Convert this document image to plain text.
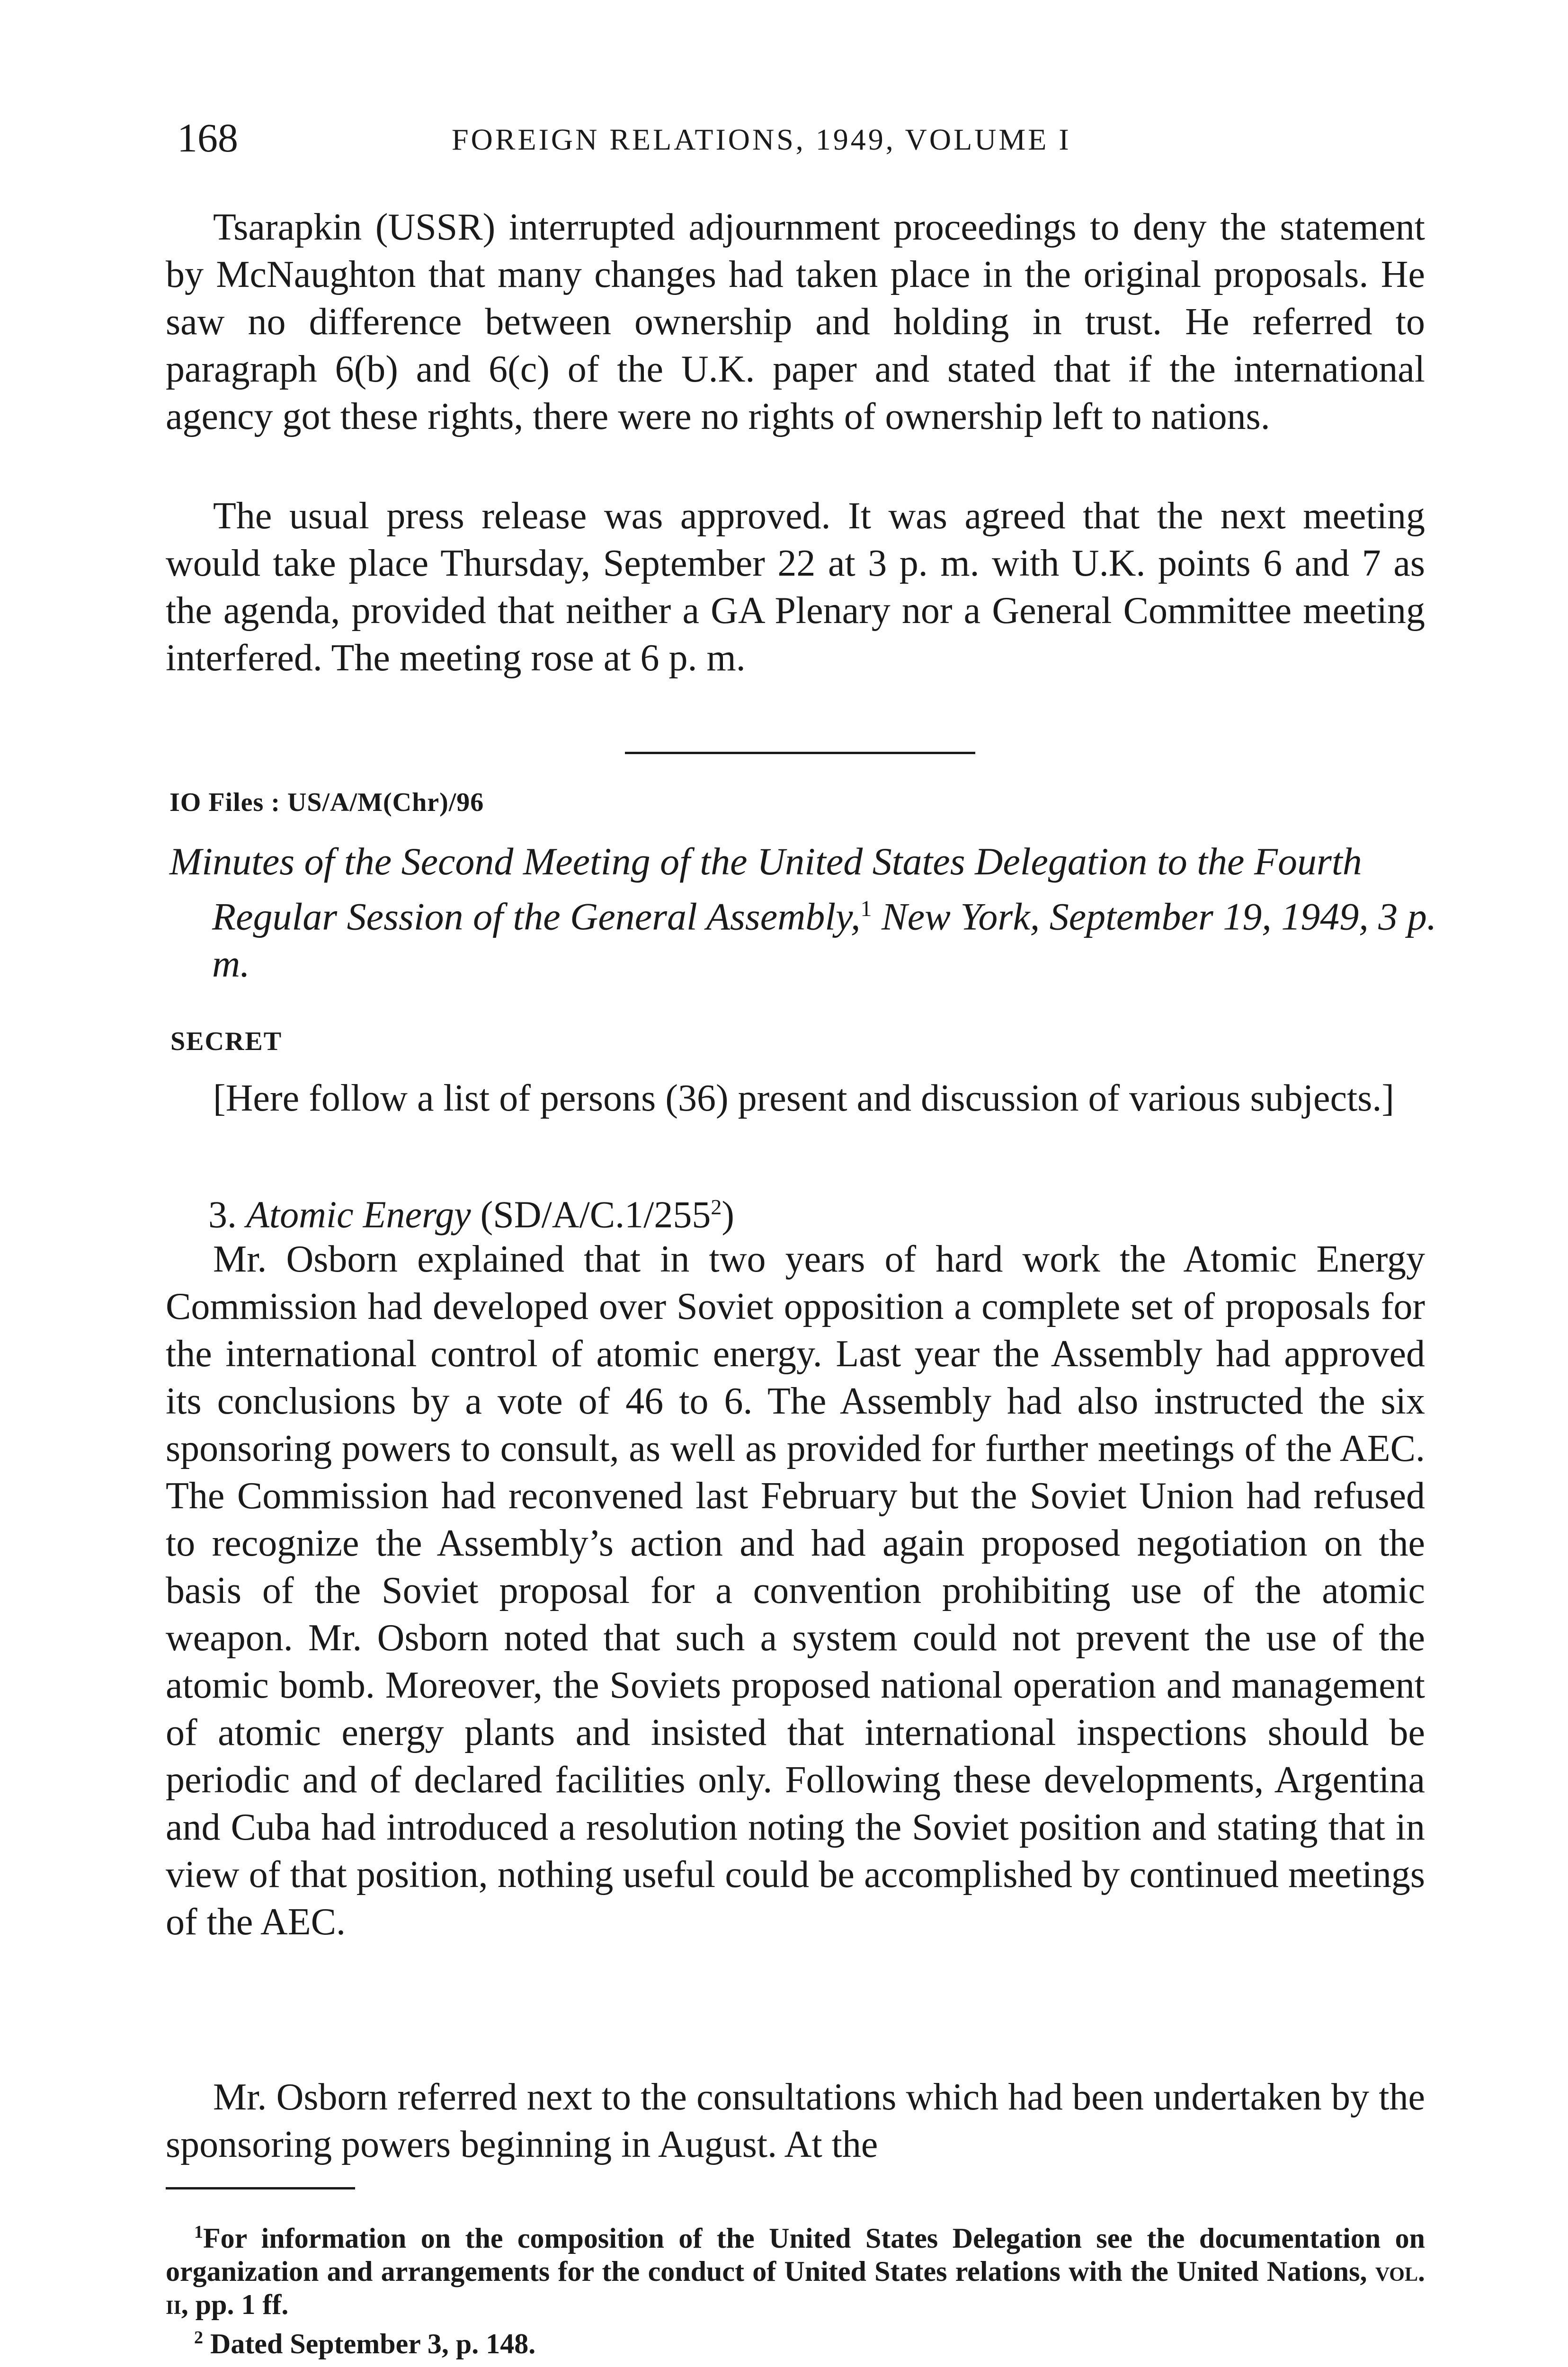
168	FOREIGN RELATIONS, 1949, VOLUME I

Tsarapkin (USSR) interrupted adjournment proceedings to deny the statement by McNaughton that many changes had taken place in the original proposals. He saw no difference between ownership and holding in trust. He referred to paragraph 6(b) and 6(c) of the U.K. paper and stated that if the international agency got these rights, there were no rights of ownership left to nations.

The usual press release was approved. It was agreed that the next meeting would take place Thursday, September 22 at 3 p. m. with U.K. points 6 and 7 as the agenda, provided that neither a GA Plenary nor a General Committee meeting interfered. The meeting rose at 6 p. m.

IO Files : US/A/M(Chr)/96
Minutes of the Second Meeting of the United States Delegation to the Fourth Regular Session of the General Assembly,$^1$ New York, September 19, 1949, 3 p. m.
SECRET

[Here follow a list of persons (36) present and discussion of various subjects.]

3. Atomic Energy $(SD/A/C.1/255^2)$

Mr. Osborn explained that in two years of hard work the Atomic Energy Commission had developed over Soviet opposition a complete set of proposals for the international control of atomic energy. Last year the Assembly had approved its conclusions by a vote of 46 to 6. The Assembly had also instructed the six sponsoring powers to consult, as well as provided for further meetings of the AEC. The Commission had reconvened last February but the Soviet Union had refused to recognize the Assembly’s action and had again proposed negotiation on the basis of the Soviet proposal for a convention prohibiting use of the atomic weapon. Mr. Osborn noted that such a system could not prevent the use of the atomic bomb. Moreover, the Soviets proposed national operation and management of atomic energy plants and insisted that international inspections should be periodic and of declared facilities only. Following these developments, Argentina and Cuba had introduced a resolution noting the Soviet position and stating that in view of that position, nothing useful could be accomplished by continued meetings of the AEC.

Mr. Osborn referred next to the consultations which had been undertaken by the sponsoring powers beginning in August. At the

$^1$For information on the composition of the United States Delegation see the documentation on organization and arrangements for the conduct of United States relations with the United Nations, vol. ii, pp. 1 ff.

$^2$ Dated September 3, p. 148.
